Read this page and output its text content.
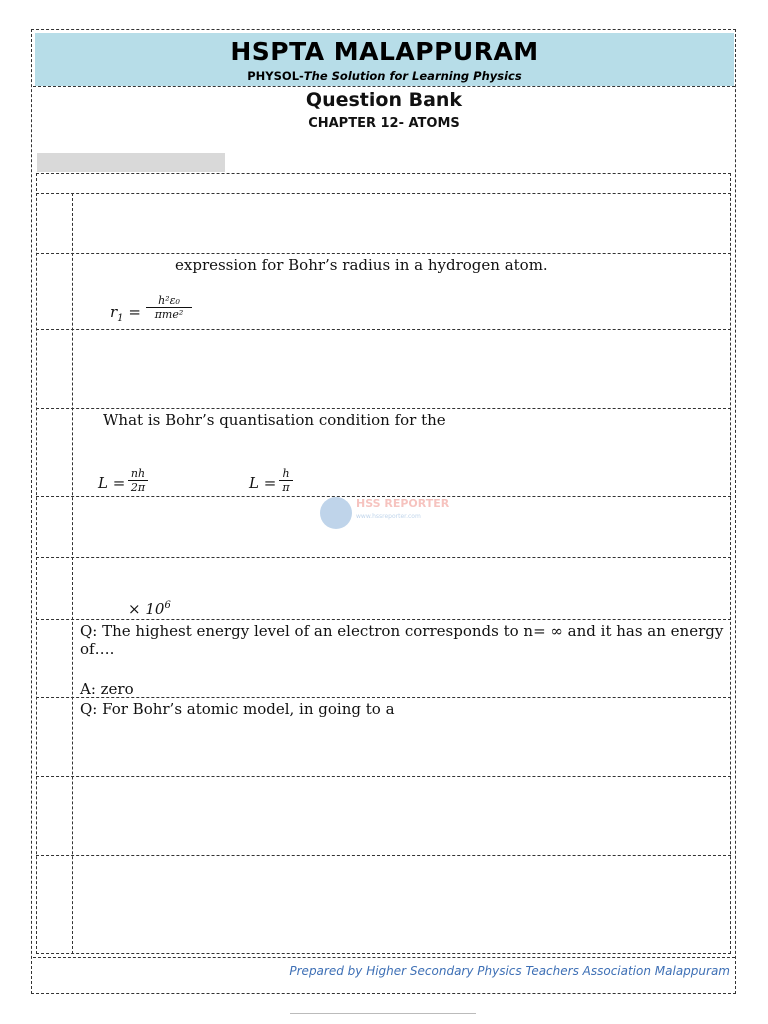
HSPTA MALAPPURAM
PHYSOL-The Solution for Learning Physics
Question Bank
CHAPTER 12- ATOMS
expression for Bohr’s radius in a hydrogen atom.
$r_1$ =
h²ε₀
πme²
What is Bohr’s quantisation condition for the
$L = \frac{nh}{2\pi}$	$L = \frac{h}{\pi}$
HSS REPORTER
www.hssreporter.com
× $10^6$
Q: The highest energy level of an electron corresponds to n= ∞ and it has an energy
of….
A: zero
Q: For Bohr’s atomic model, in going to a
Prepared by Higher Secondary Physics Teachers Association Malappuram
